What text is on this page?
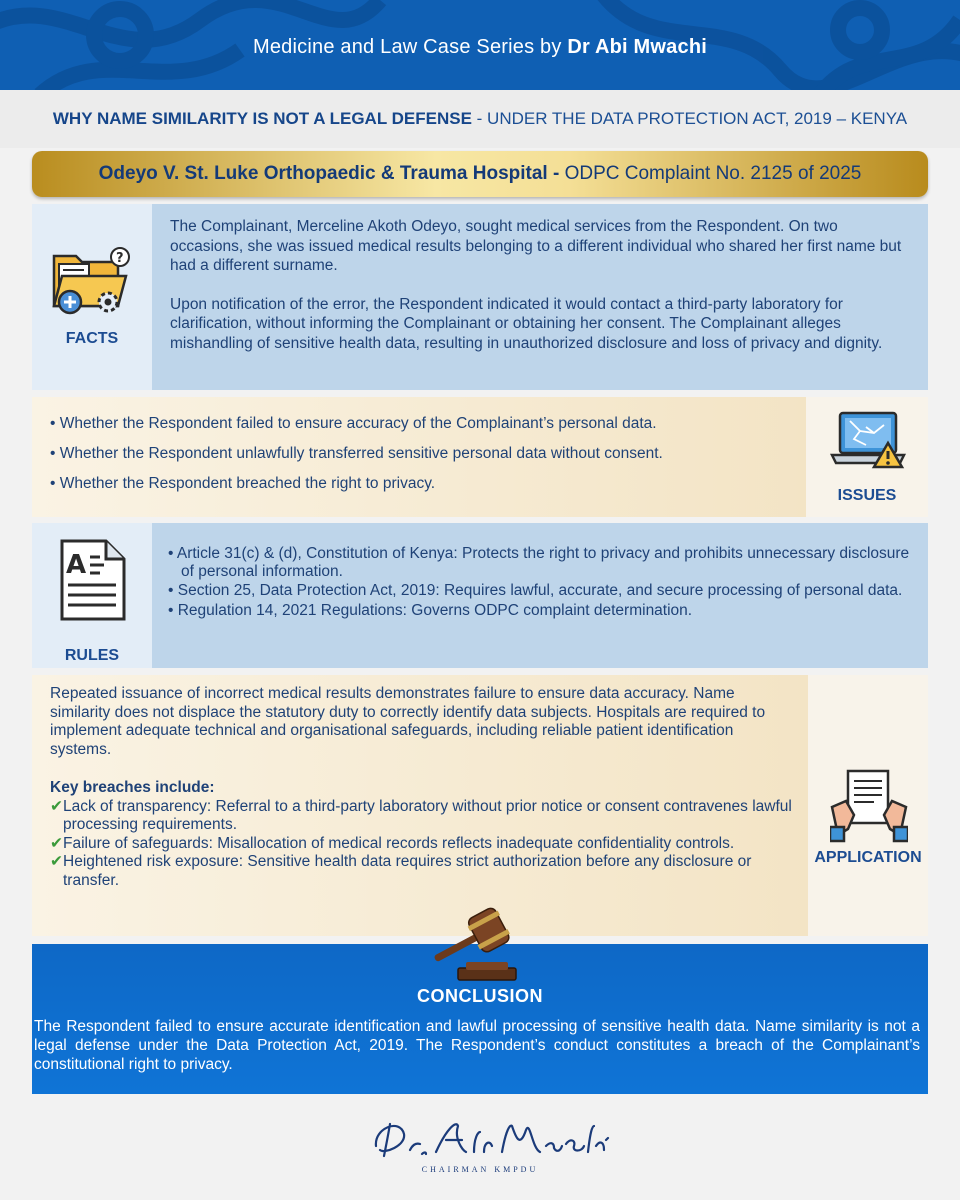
Medicine and Law Case Series by Dr Abi Mwachi
WHY NAME SIMILARITY IS NOT A LEGAL DEFENSE - UNDER THE DATA PROTECTION ACT, 2019 – KENYA
Odeyo V. St. Luke Orthopaedic & Trauma Hospital - ODPC Complaint No. 2125 of 2025
?
FACTS

The Complainant, Merceline Akoth Odeyo, sought medical services from the Respondent. On two occasions, she was issued medical results belonging to a different individual who shared her first name but had a different surname.

Upon notification of the error, the Respondent indicated it would contact a third-party laboratory for clarification, without informing the Complainant or obtaining her consent. The Complainant alleges mishandling of sensitive health data, resulting in unauthorized disclosure and loss of privacy and dignity.

• Whether the Respondent failed to ensure accuracy of the Complainant’s personal data.
• Whether the Respondent unlawfully transferred sensitive personal data without consent.
• Whether the Respondent breached the right to privacy.
ISSUES
A
RULES
• Article 31(c) & (d), Constitution of Kenya: Protects the right to privacy and prohibits unnecessary disclosure of personal information.
• Section 25, Data Protection Act, 2019: Requires lawful, accurate, and secure processing of personal data.
• Regulation 14, 2021 Regulations: Governs ODPC complaint determination.
Repeated issuance of incorrect medical results demonstrates failure to ensure data accuracy. Name similarity does not displace the statutory duty to correctly identify data subjects. Hospitals are required to implement adequate technical and organisational safeguards, including reliable patient identification systems.
Key breaches include:
✔Lack of transparency: Referral to a third-party laboratory without prior notice or consent contravenes lawful processing requirements.
✔Failure of safeguards: Misallocation of medical records reflects inadequate confidentiality controls.
✔Heightened risk exposure: Sensitive health data requires strict authorization before any disclosure or transfer.
APPLICATION
CONCLUSION
The Respondent failed to ensure accurate identification and lawful processing of sensitive health data. Name similarity is not a legal defense under the Data Protection Act, 2019. The Respondent’s conduct constitutes a breach of the Complainant’s constitutional right to privacy.
CHAIRMAN KMPDU
